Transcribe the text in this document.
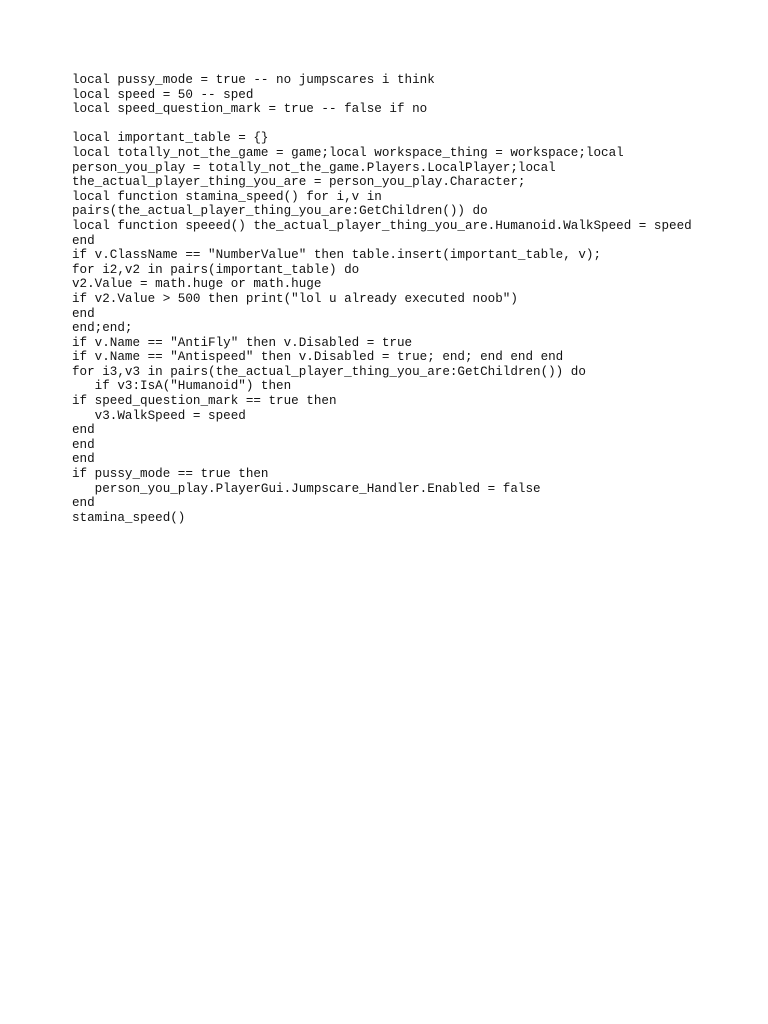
local pussy_mode = true -- no jumpscares i think
local speed = 50 -- sped
local speed_question_mark = true -- false if no
local important_table = {}
local totally_not_the_game = game;local workspace_thing = workspace;local
person_you_play = totally_not_the_game.Players.LocalPlayer;local
the_actual_player_thing_you_are = person_you_play.Character;
local function stamina_speed() for i,v in
pairs(the_actual_player_thing_you_are:GetChildren()) do
local function speeed() the_actual_player_thing_you_are.Humanoid.WalkSpeed = speed
end
if v.ClassName == "NumberValue" then table.insert(important_table, v);
for i2,v2 in pairs(important_table) do
v2.Value = math.huge or math.huge
if v2.Value > 500 then print("lol u already executed noob")
end
end;end;
if v.Name == "AntiFly" then v.Disabled = true
if v.Name == "Antispeed" then v.Disabled = true; end; end end end
for i3,v3 in pairs(the_actual_player_thing_you_are:GetChildren()) do
if v3:IsA("Humanoid") then
if speed_question_mark == true then
v3.WalkSpeed = speed
end
end
end
if pussy_mode == true then
person_you_play.PlayerGui.Jumpscare_Handler.Enabled = false
end
stamina_speed()
